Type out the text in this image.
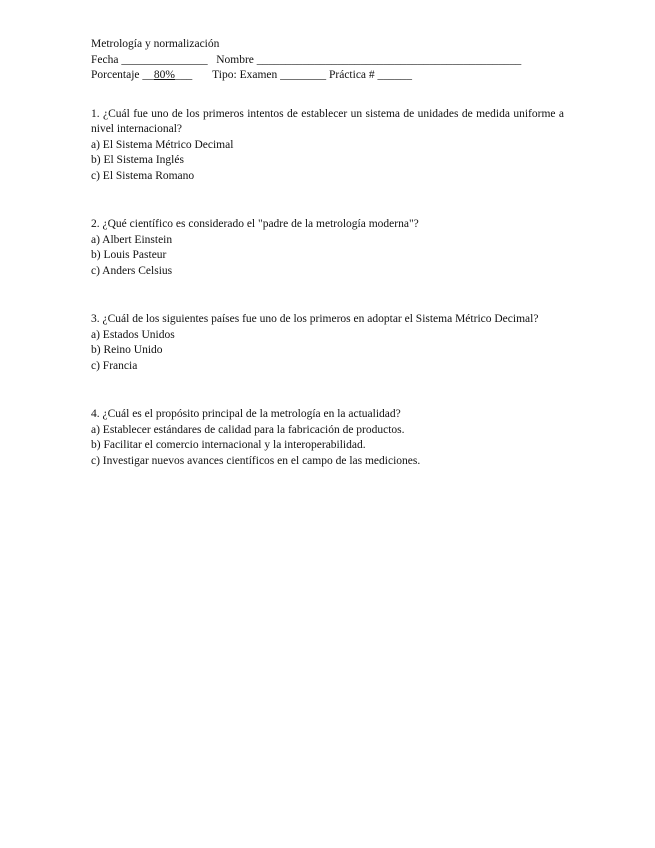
Metrología y normalización
Fecha _______________   Nombre ______________________________________________
Porcentaje __80%___       Tipo: Examen ________ Práctica # ______

1. ¿Cuál fue uno de los primeros intentos de establecer un sistema de unidades de medida uniforme a nivel internacional?

a) El Sistema Métrico Decimal

b) El Sistema Inglés

c) El Sistema Romano

2. ¿Qué científico es considerado el "padre de la metrología moderna"?

a) Albert Einstein

b) Louis Pasteur

c) Anders Celsius

3. ¿Cuál de los siguientes países fue uno de los primeros en adoptar el Sistema Métrico Decimal?

a) Estados Unidos

b) Reino Unido

c) Francia

4. ¿Cuál es el propósito principal de la metrología en la actualidad?

a) Establecer estándares de calidad para la fabricación de productos.

b) Facilitar el comercio internacional y la interoperabilidad.

c) Investigar nuevos avances científicos en el campo de las mediciones.
